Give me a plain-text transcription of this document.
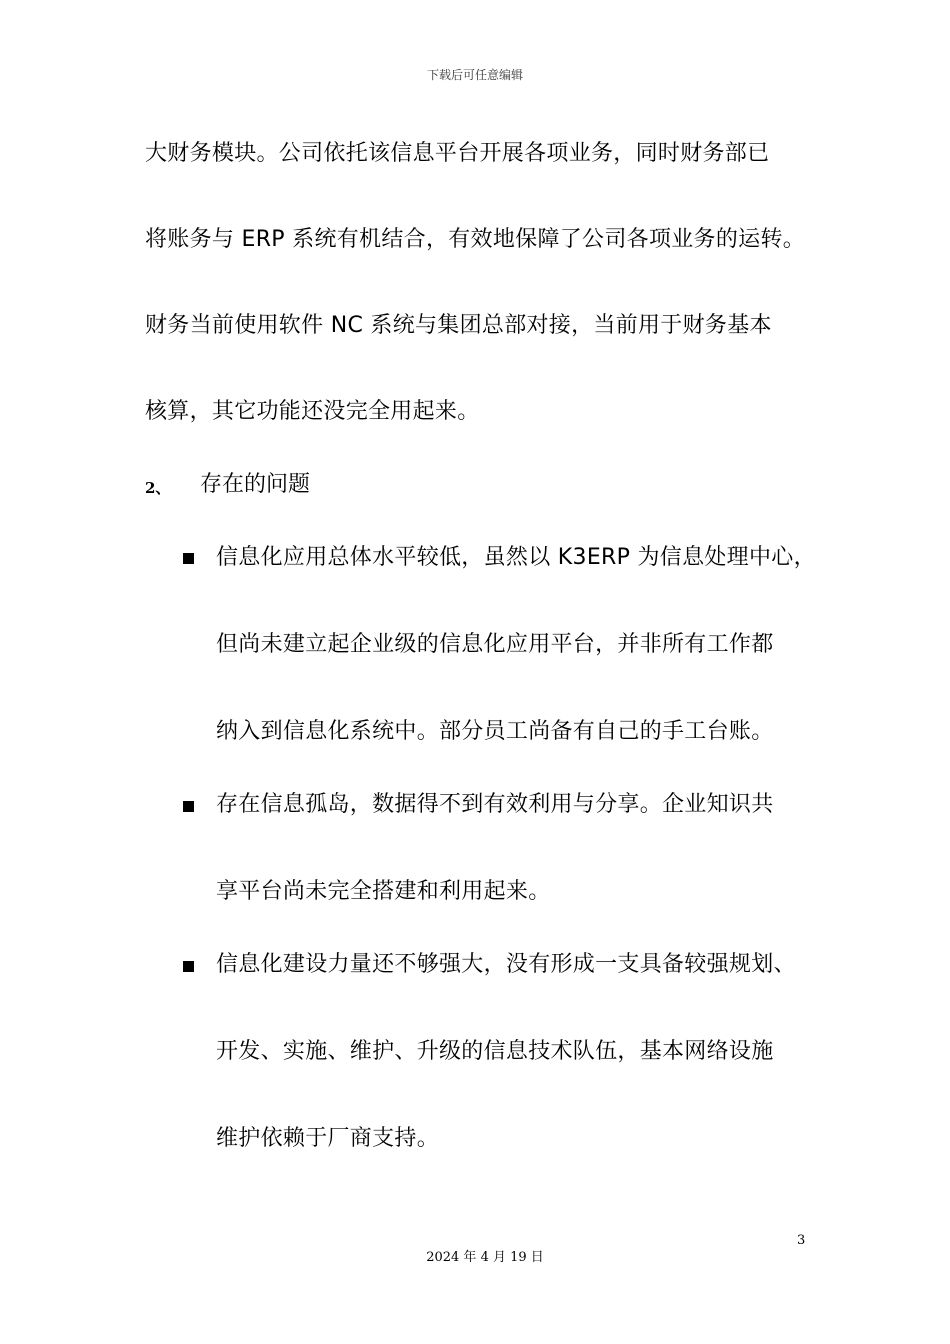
下载后可任意编辑
大财务模块。公司依托该信息平台开展各项业务，同时财务部已
将账务与 ERP 系统有机结合，有效地保障了公司各项业务的运转。
财务当前使用软件 NC 系统与集团总部对接，当前用于财务基本
核算，其它功能还没完全用起来。
2、 存在的问题
信息化应用总体水平较低，虽然以 K3ERP 为信息处理中心，
但尚未建立起企业级的信息化应用平台，并非所有工作都
纳入到信息化系统中。部分员工尚备有自己的手工台账。
存在信息孤岛，数据得不到有效利用与分享。企业知识共
享平台尚未完全搭建和利用起来。
信息化建设力量还不够强大，没有形成一支具备较强规划、
开发、实施、维护、升级的信息技术队伍，基本网络设施
维护依赖于厂商支持。
3
2024 年 4 月 19 日
